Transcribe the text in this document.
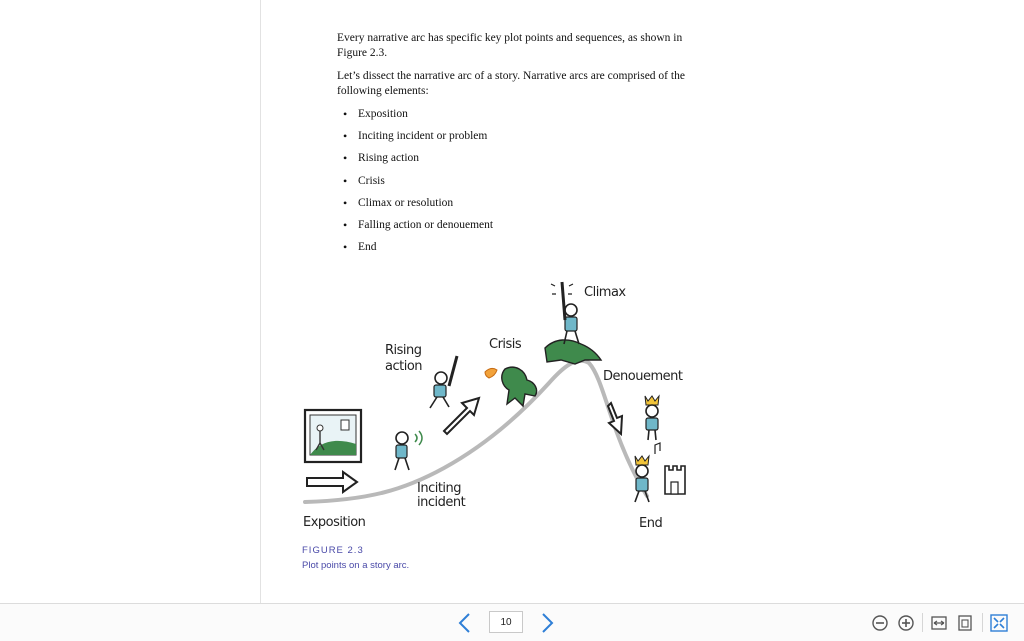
Every narrative arc has specific key plot points and sequences, as shown in Figure 2.3.

Let’s dissect the narrative arc of a story. Narrative arcs are comprised of the following elements:

• Exposition
• Inciting incident or problem
• Rising action
• Crisis
• Climax or resolution
• Falling action or denouement
• End
Exposition
Inciting
incident
Rising
action
Crisis
Climax
Denouement
End
FIGURE 2.3
Plot points on a story arc.
10
